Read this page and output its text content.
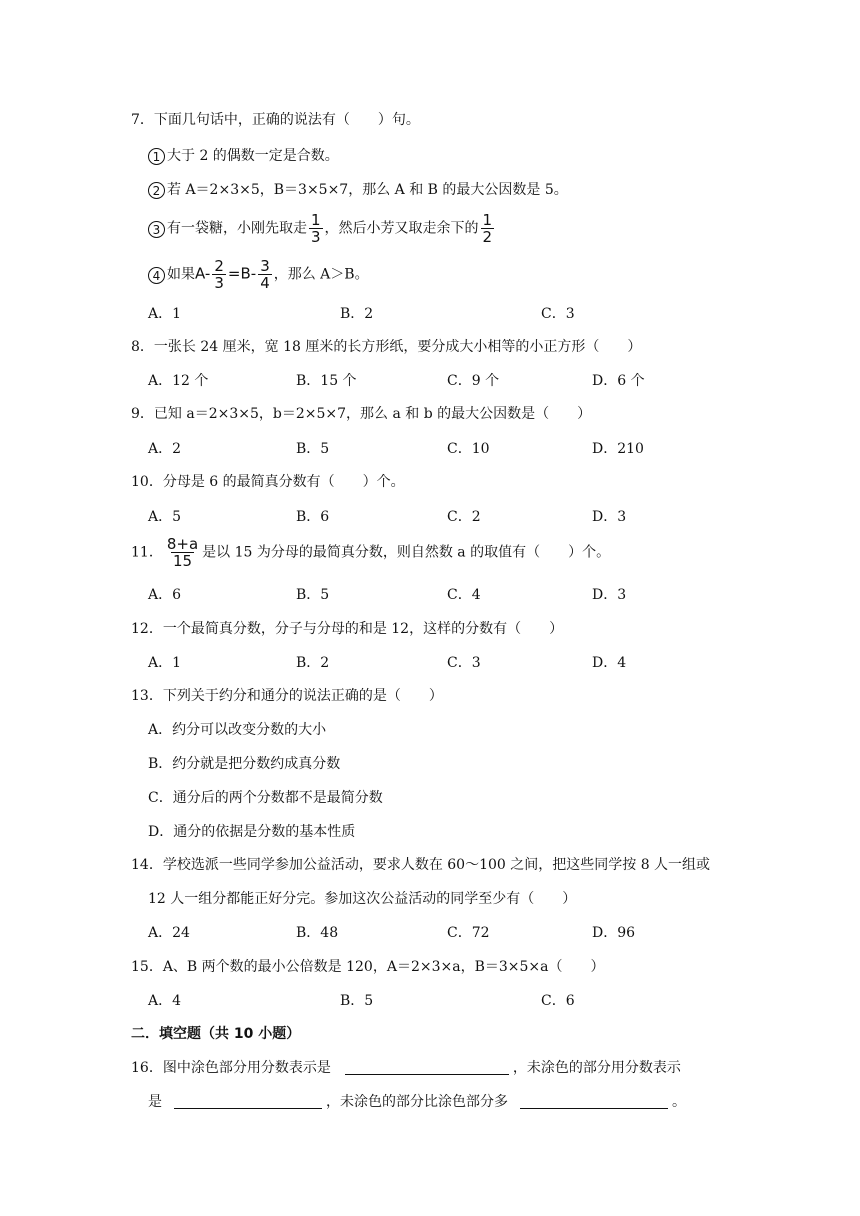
7．下面几句话中，正确的说法有（　　）句。
1 大于 2 的偶数一定是合数。
2 若 A＝2×3×5，B＝3×5×7，那么 A 和 B 的最大公因数是 5。
3 有一袋糖，小刚先取走 $\frac{1}{3}$ ，然后小芳又取走余下的 $\frac{1}{2}$
4 如果$A- \frac{2}{3} =B- \frac{3}{4}$ ，那么 A＞B。
A．1	B．2	C．3
8．一张长 24 厘米，宽 18 厘米的长方形纸，要分成大小相等的小正方形（　　）
A．12 个	B．15 个	C．9 个	D．6 个
9．已知 a＝2×3×5，b＝2×5×7，那么 a 和 b 的最大公因数是（　　）
A．2	B．5	C．10	D．210
10．分母是 6 的最简真分数有（　　）个。
A．5	B．6	C．2	D．3
11． $\frac{8+a}{15}$ 是以 15 为分母的最简真分数，则自然数 a 的取值有（　　）个。
A．6	B．5	C．4	D．3
12．一个最简真分数，分子与分母的和是 12，这样的分数有（　　）
A．1	B．2	C．3	D．4
13．下列关于约分和通分的说法正确的是（　　）
A．约分可以改变分数的大小
B．约分就是把分数约成真分数
C．通分后的两个分数都不是最简分数
D．通分的依据是分数的基本性质
14．学校选派一些同学参加公益活动，要求人数在 60～100 之间，把这些同学按 8 人一组或
12 人一组分都能正好分完。参加这次公益活动的同学至少有（　　）
A．24	B．48	C．72	D．96
15．A、B 两个数的最小公倍数是 120，A＝2×3×a，B＝3×5×a（　　）
A．4	B．5	C．6
二．填空题（共 10 小题）
16．图中涂色部分用分数表示是	，未涂色的部分用分数表示
是	，未涂色的部分比涂色部分多	。
